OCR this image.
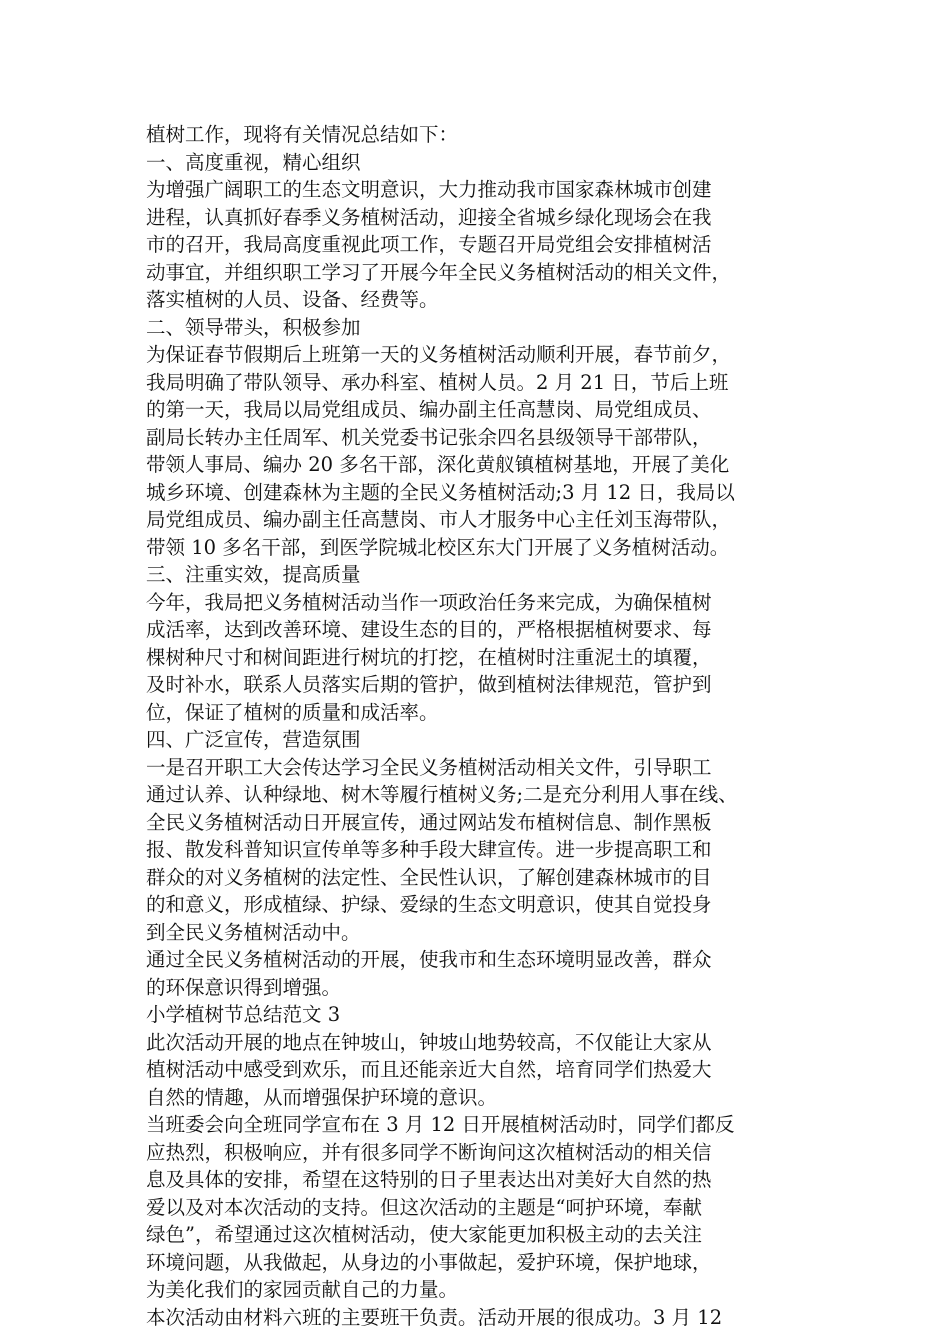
植树工作，现将有关情况总结如下：
一、高度重视，精心组织
为增强广阔职工的生态文明意识，大力推动我市国家森林城市创建
进程，认真抓好春季义务植树活动，迎接全省城乡绿化现场会在我
市的召开，我局高度重视此项工作，专题召开局党组会安排植树活
动事宜，并组织职工学习了开展今年全民义务植树活动的相关文件，
落实植树的人员、设备、经费等。
二、领导带头，积极参加
为保证春节假期后上班第一天的义务植树活动顺利开展，春节前夕，
我局明确了带队领导、承办科室、植树人员。2 月 21 日，节后上班
的第一天，我局以局党组成员、编办副主任高慧岗、局党组成员、
副局长转办主任周军、机关党委书记张余四名县级领导干部带队，
带领人事局、编办 20 多名干部，深化黄舣镇植树基地，开展了美化
城乡环境、创建森林为主题的全民义务植树活动;3 月 12 日，我局以
局党组成员、编办副主任高慧岗、市人才服务中心主任刘玉海带队，
带领 10 多名干部，到医学院城北校区东大门开展了义务植树活动。
三、注重实效，提高质量
今年，我局把义务植树活动当作一项政治任务来完成，为确保植树
成活率，达到改善环境、建设生态的目的，严格根据植树要求、每
棵树种尺寸和树间距进行树坑的打挖，在植树时注重泥土的填覆，
及时补水，联系人员落实后期的管护，做到植树法律规范，管护到
位，保证了植树的质量和成活率。
四、广泛宣传，营造氛围
一是召开职工大会传达学习全民义务植树活动相关文件，引导职工
通过认养、认种绿地、树木等履行植树义务;二是充分利用人事在线、
全民义务植树活动日开展宣传，通过网站发布植树信息、制作黑板
报、散发科普知识宣传单等多种手段大肆宣传。进一步提高职工和
群众的对义务植树的法定性、全民性认识，了解创建森林城市的目
的和意义，形成植绿、护绿、爱绿的生态文明意识，使其自觉投身
到全民义务植树活动中。
通过全民义务植树活动的开展，使我市和生态环境明显改善，群众
的环保意识得到增强。
小学植树节总结范文 3
此次活动开展的地点在钟坡山，钟坡山地势较高，不仅能让大家从
植树活动中感受到欢乐，而且还能亲近大自然，培育同学们热爱大
自然的情趣，从而增强保护环境的意识。
当班委会向全班同学宣布在 3 月 12 日开展植树活动时，同学们都反
应热烈，积极响应，并有很多同学不断询问这次植树活动的相关信
息及具体的安排，希望在这特别的日子里表达出对美好大自然的热
爱以及对本次活动的支持。但这次活动的主题是“呵护环境，奉献
绿色”，希望通过这次植树活动，使大家能更加积极主动的去关注
环境问题，从我做起，从身边的小事做起，爱护环境，保护地球，
为美化我们的家园贡献自己的力量。
本次活动由材料六班的主要班干负责。活动开展的很成功。3 月 12
